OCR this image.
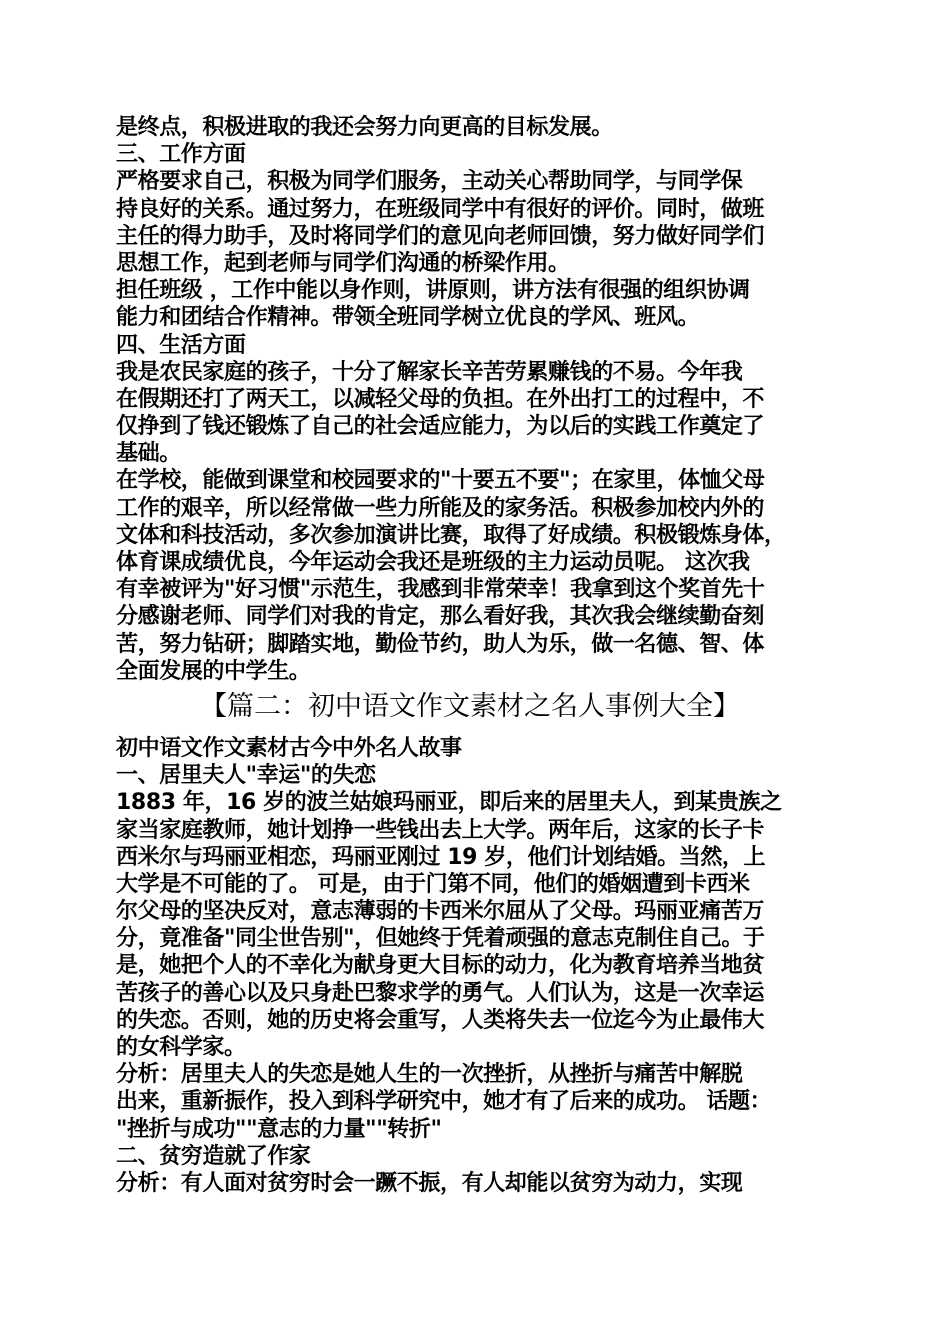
是终点，积极进取的我还会努力向更高的目标发展。
三、工作方面
严格要求自己，积极为同学们服务，主动关心帮助同学，与同学保
持良好的关系。通过努力，在班级同学中有很好的评价。同时，做班
主任的得力助手，及时将同学们的意见向老师回馈，努力做好同学们
思想工作，起到老师与同学们沟通的桥梁作用。
担任班级 ，工作中能以身作则，讲原则，讲方法有很强的组织协调
能力和团结合作精神。带领全班同学树立优良的学风、班风。
四、生活方面
我是农民家庭的孩子，十分了解家长辛苦劳累赚钱的不易。今年我
在假期还打了两天工，以减轻父母的负担。在外出打工的过程中，不
仅挣到了钱还锻炼了自己的社会适应能力，为以后的实践工作奠定了
基础。
在学校，能做到课堂和校园要求的"十要五不要"；在家里，体恤父母
工作的艰辛，所以经常做一些力所能及的家务活。积极参加校内外的
文体和科技活动，多次参加演讲比赛，取得了好成绩。积极锻炼身体，
体育课成绩优良，今年运动会我还是班级的主力运动员呢。 这次我
有幸被评为"好习惯"示范生，我感到非常荣幸！我拿到这个奖首先十
分感谢老师、同学们对我的肯定，那么看好我，其次我会继续勤奋刻
苦，努力钻研；脚踏实地，勤俭节约，助人为乐，做一名德、智、体
全面发展的中学生。
【篇二：初中语文作文素材之名人事例大全】
初中语文作文素材古今中外名人故事
一、居里夫人"幸运"的失恋
1883 年，16 岁的波兰姑娘玛丽亚，即后来的居里夫人，到某贵族之
家当家庭教师，她计划挣一些钱出去上大学。两年后，这家的长子卡
西米尔与玛丽亚相恋，玛丽亚刚过 19 岁，他们计划结婚。当然，上
大学是不可能的了。 可是，由于门第不同，他们的婚姻遭到卡西米
尔父母的坚决反对，意志薄弱的卡西米尔屈从了父母。玛丽亚痛苦万
分，竟准备"同尘世告别"，但她终于凭着顽强的意志克制住自己。于
是，她把个人的不幸化为献身更大目标的动力，化为教育培养当地贫
苦孩子的善心以及只身赴巴黎求学的勇气。人们认为，这是一次幸运
的失恋。否则，她的历史将会重写，人类将失去一位迄今为止最伟大
的女科学家。
分析：居里夫人的失恋是她人生的一次挫折，从挫折与痛苦中解脱
出来，重新振作，投入到科学研究中，她才有了后来的成功。 话题：
"挫折与成功""意志的力量""转折"
二、贫穷造就了作家
分析：有人面对贫穷时会一蹶不振，有人却能以贫穷为动力，实现
